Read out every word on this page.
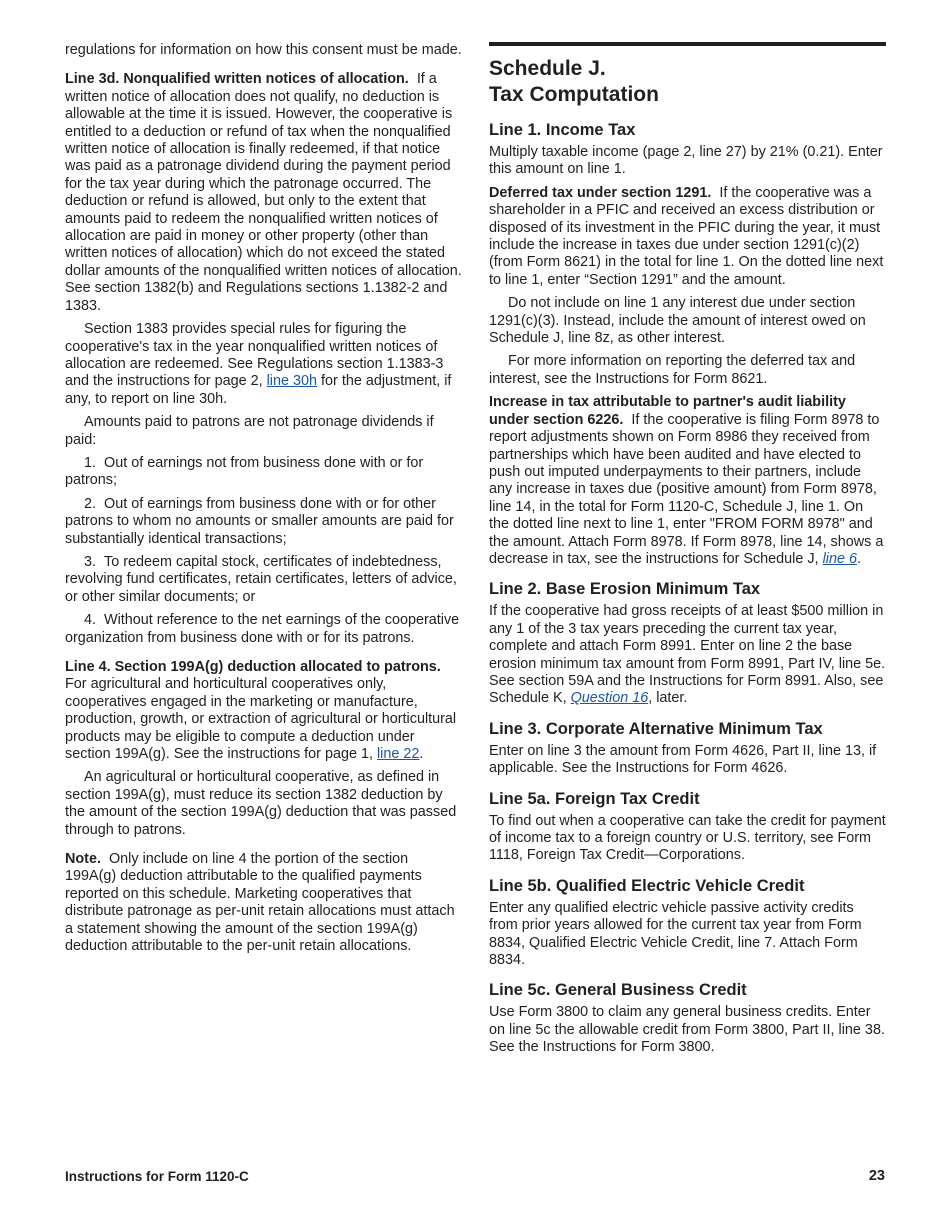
regulations for information on how this consent must be made.

Line 3d. Nonqualified written notices of allocation. If a written notice of allocation does not qualify, no deduction is allowable at the time it is issued. However, the cooperative is entitled to a deduction or refund of tax when the nonqualified written notice of allocation is finally redeemed, if that notice was paid as a patronage dividend during the payment period for the tax year during which the patronage occurred. The deduction or refund is allowed, but only to the extent that amounts paid to redeem the nonqualified written notices of allocation are paid in money or other property (other than written notices of allocation) which do not exceed the stated dollar amounts of the nonqualified written notices of allocation. See section 1382(b) and Regulations sections 1.1382-2 and 1383.

Section 1383 provides special rules for figuring the cooperative's tax in the year nonqualified written notices of allocation are redeemed. See Regulations section 1.1383-3 and the instructions for page 2, line 30h for the adjustment, if any, to report on line 30h.

Amounts paid to patrons are not patronage dividends if paid:

1.  Out of earnings not from business done with or for patrons;

2.  Out of earnings from business done with or for other patrons to whom no amounts or smaller amounts are paid for substantially identical transactions;

3.  To redeem capital stock, certificates of indebtedness, revolving fund certificates, retain certificates, letters of advice, or other similar documents; or

4.  Without reference to the net earnings of the cooperative organization from business done with or for its patrons.

Line 4. Section 199A(g) deduction allocated to patrons.  For agricultural and horticultural cooperatives only, cooperatives engaged in the marketing or manufacture, production, growth, or extraction of agricultural or horticultural products may be eligible to compute a deduction under section 199A(g). See the instructions for page 1, line 22.

An agricultural or horticultural cooperative, as defined in section 199A(g), must reduce its section 1382 deduction by the amount of the section 199A(g) deduction that was passed through to patrons.

Note. Only include on line 4 the portion of the section 199A(g) deduction attributable to the qualified payments reported on this schedule. Marketing cooperatives that distribute patronage as per-unit retain allocations must attach a statement showing the amount of the section 199A(g) deduction attributable to the per-unit retain allocations.

Schedule J.
Tax Computation
Line 1. Income Tax

Multiply taxable income (page 2, line 27) by 21% (0.21). Enter this amount on line 1.

Deferred tax under section 1291. If the cooperative was a shareholder in a PFIC and received an excess distribution or disposed of its investment in the PFIC during the year, it must include the increase in taxes due under section 1291(c)(2) (from Form 8621) in the total for line 1. On the dotted line next to line 1, enter “Section 1291” and the amount.

Do not include on line 1 any interest due under section 1291(c)(3). Instead, include the amount of interest owed on Schedule J, line 8z, as other interest.

For more information on reporting the deferred tax and interest, see the Instructions for Form 8621.

Increase in tax attributable to partner's audit liability under section 6226. If the cooperative is filing Form 8978 to report adjustments shown on Form 8986 they received from partnerships which have been audited and have elected to push out imputed underpayments to their partners, include any increase in taxes due (positive amount) from Form 8978, line 14, in the total for Form 1120-C, Schedule J, line 1. On the dotted line next to line 1, enter "FROM FORM 8978" and the amount. Attach Form 8978. If Form 8978, line 14, shows a decrease in tax, see the instructions for Schedule J, line 6.

Line 2. Base Erosion Minimum Tax

If the cooperative had gross receipts of at least $500 million in any 1 of the 3 tax years preceding the current tax year, complete and attach Form 8991. Enter on line 2 the base erosion minimum tax amount from Form 8991, Part IV, line 5e. See section 59A and the Instructions for Form 8991. Also, see Schedule K, Question 16, later.

Line 3. Corporate Alternative Minimum Tax

Enter on line 3 the amount from Form 4626, Part II, line 13, if applicable. See the Instructions for Form 4626.

Line 5a. Foreign Tax Credit

To find out when a cooperative can take the credit for payment of income tax to a foreign country or U.S. territory, see Form 1118, Foreign Tax Credit—Corporations.

Line 5b. Qualified Electric Vehicle Credit

Enter any qualified electric vehicle passive activity credits from prior years allowed for the current tax year from Form 8834, Qualified Electric Vehicle Credit, line 7. Attach Form 8834.

Line 5c. General Business Credit

Use Form 3800 to claim any general business credits. Enter on line 5c the allowable credit from Form 3800, Part II, line 38. See the Instructions for Form 3800.

Instructions for Form 1120-C	23
